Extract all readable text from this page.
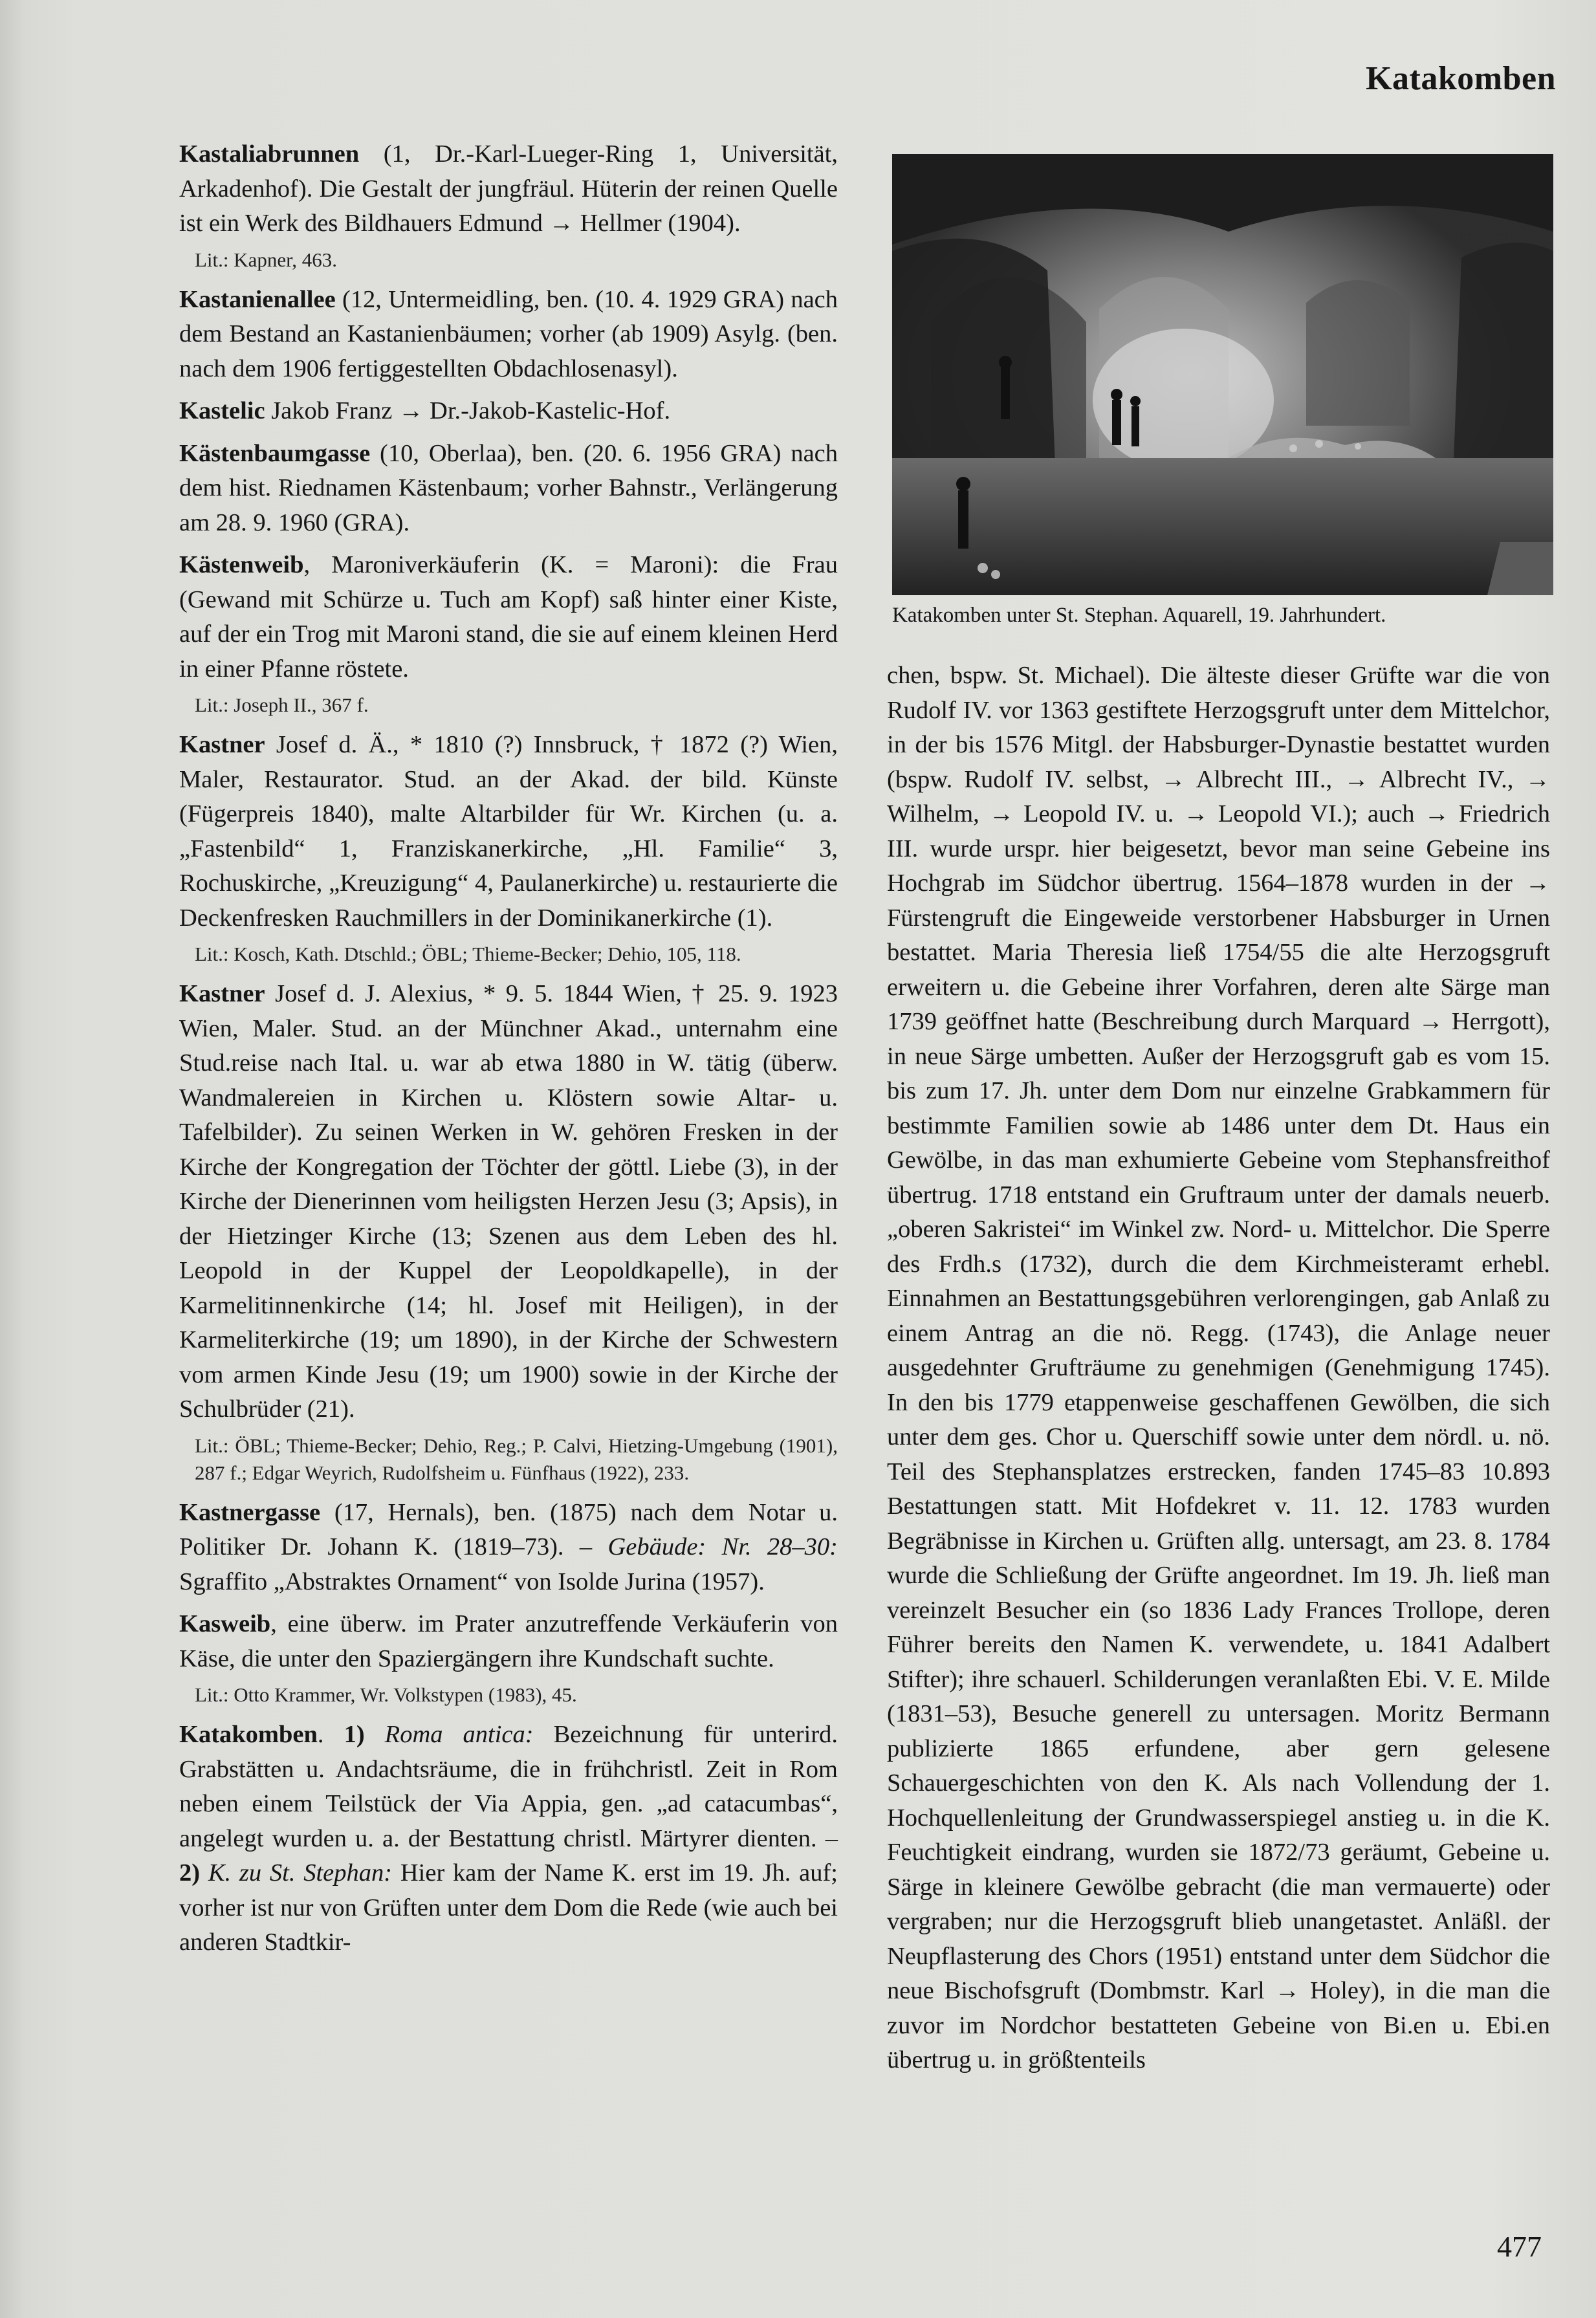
Katakomben

Kastaliabrunnen (1, Dr.-Karl-Lueger-Ring 1, Universität, Arkadenhof). Die Gestalt der jungfräul. Hüterin der reinen Quelle ist ein Werk des Bildhauers Edmund → Hellmer (1904).

Lit.: Kapner, 463.

Kastanienallee (12, Untermeidling, ben. (10. 4. 1929 GRA) nach dem Bestand an Kastanienbäumen; vorher (ab 1909) Asylg. (ben. nach dem 1906 fertiggestellten Obdachlosenasyl).

Kastelic Jakob Franz → Dr.-Jakob-Kastelic-Hof.

Kästenbaumgasse (10, Oberlaa), ben. (20. 6. 1956 GRA) nach dem hist. Riednamen Kästenbaum; vorher Bahnstr., Verlängerung am 28. 9. 1960 (GRA).

Kästenweib, Maroniverkäuferin (K. = Maroni): die Frau (Gewand mit Schürze u. Tuch am Kopf) saß hinter einer Kiste, auf der ein Trog mit Maroni stand, die sie auf einem kleinen Herd in einer Pfanne röstete.

Lit.: Joseph II., 367 f.

Kastner Josef d. Ä., * 1810 (?) Innsbruck, † 1872 (?) Wien, Maler, Restaurator. Stud. an der Akad. der bild. Künste (Fügerpreis 1840), malte Altarbilder für Wr. Kirchen (u. a. „Fastenbild“ 1, Franziskanerkirche, „Hl. Familie“ 3, Rochuskirche, „Kreuzigung“ 4, Paulanerkirche) u. restaurierte die Deckenfresken Rauchmillers in der Dominikanerkirche (1).

Lit.: Kosch, Kath. Dtschld.; ÖBL; Thieme-Becker; Dehio, 105, 118.

Kastner Josef d. J. Alexius, * 9. 5. 1844 Wien, † 25. 9. 1923 Wien, Maler. Stud. an der Münchner Akad., unternahm eine Stud.reise nach Ital. u. war ab etwa 1880 in W. tätig (überw. Wandmalereien in Kirchen u. Klöstern sowie Altar- u. Tafelbilder). Zu seinen Werken in W. gehören Fresken in der Kirche der Kongregation der Töchter der göttl. Liebe (3), in der Kirche der Dienerinnen vom heiligsten Herzen Jesu (3; Apsis), in der Hietzinger Kirche (13; Szenen aus dem Leben des hl. Leopold in der Kuppel der Leopoldkapelle), in der Karmelitinnenkirche (14; hl. Josef mit Heiligen), in der Karmeliterkirche (19; um 1890), in der Kirche der Schwestern vom armen Kinde Jesu (19; um 1900) sowie in der Kirche der Schulbrüder (21).

Lit.: ÖBL; Thieme-Becker; Dehio, Reg.; P. Calvi, Hietzing-Umgebung (1901), 287 f.; Edgar Weyrich, Rudolfsheim u. Fünfhaus (1922), 233.

Kastnergasse (17, Hernals), ben. (1875) nach dem Notar u. Politiker Dr. Johann K. (1819–73). – Gebäude: Nr. 28–30: Sgraffito „Abstraktes Ornament“ von Isolde Jurina (1957).

Kasweib, eine überw. im Prater anzutreffende Verkäuferin von Käse, die unter den Spaziergängern ihre Kundschaft suchte.

Lit.: Otto Krammer, Wr. Volkstypen (1983), 45.

Katakomben. 1) Roma antica: Bezeichnung für unterird. Grabstätten u. Andachtsräume, die in frühchristl. Zeit in Rom neben einem Teilstück der Via Appia, gen. „ad catacumbas“, angelegt wurden u. a. der Bestattung christl. Märtyrer dienten. – 2) K. zu St. Stephan: Hier kam der Name K. erst im 19. Jh. auf; vorher ist nur von Grüften unter dem Dom die Rede (wie auch bei anderen Stadtkir-

Katakomben unter St. Stephan. Aquarell, 19. Jahrhundert.

chen, bspw. St. Michael). Die älteste dieser Grüfte war die von Rudolf IV. vor 1363 gestiftete Herzogsgruft unter dem Mittelchor, in der bis 1576 Mitgl. der Habsburger-Dynastie bestattet wurden (bspw. Rudolf IV. selbst, → Albrecht III., → Albrecht IV., → Wilhelm, → Leopold IV. u. → Leopold VI.); auch → Friedrich III. wurde urspr. hier beigesetzt, bevor man seine Gebeine ins Hochgrab im Südchor übertrug. 1564–1878 wurden in der → Fürstengruft die Eingeweide verstorbener Habsburger in Urnen bestattet. Maria Theresia ließ 1754/55 die alte Herzogsgruft erweitern u. die Gebeine ihrer Vorfahren, deren alte Särge man 1739 geöffnet hatte (Beschreibung durch Marquard → Herrgott), in neue Särge umbetten. Außer der Herzogsgruft gab es vom 15. bis zum 17. Jh. unter dem Dom nur einzelne Grabkammern für bestimmte Familien sowie ab 1486 unter dem Dt. Haus ein Gewölbe, in das man exhumierte Gebeine vom Stephansfreithof übertrug. 1718 entstand ein Gruftraum unter der damals neuerb. „oberen Sakristei“ im Winkel zw. Nord- u. Mittelchor. Die Sperre des Frdh.s (1732), durch die dem Kirchmeisteramt erhebl. Einnahmen an Bestattungsgebühren verlorengingen, gab Anlaß zu einem Antrag an die nö. Regg. (1743), die Anlage neuer ausgedehnter Grufträume zu genehmigen (Genehmigung 1745). In den bis 1779 etappenweise geschaffenen Gewölben, die sich unter dem ges. Chor u. Querschiff sowie unter dem nördl. u. nö. Teil des Stephansplatzes erstrecken, fanden 1745–83 10.893 Bestattungen statt. Mit Hofdekret v. 11. 12. 1783 wurden Begräbnisse in Kirchen u. Grüften allg. untersagt, am 23. 8. 1784 wurde die Schließung der Grüfte angeordnet. Im 19. Jh. ließ man vereinzelt Besucher ein (so 1836 Lady Frances Trollope, deren Führer bereits den Namen K. verwendete, u. 1841 Adalbert Stifter); ihre schauerl. Schilderungen veranlaßten Ebi. V. E. Milde (1831–53), Besuche generell zu untersagen. Moritz Bermann publizierte 1865 erfundene, aber gern gelesene Schauergeschichten von den K. Als nach Vollendung der 1. Hochquellenleitung der Grundwasserspiegel anstieg u. in die K. Feuchtigkeit eindrang, wurden sie 1872/73 geräumt, Gebeine u. Särge in kleinere Gewölbe gebracht (die man vermauerte) oder vergraben; nur die Herzogsgruft blieb unangetastet. Anläßl. der Neupflasterung des Chors (1951) entstand unter dem Südchor die neue Bischofsgruft (Dombmstr. Karl → Holey), in die man die zuvor im Nordchor bestatteten Gebeine von Bi.en u. Ebi.en übertrug u. in größtenteils

477
